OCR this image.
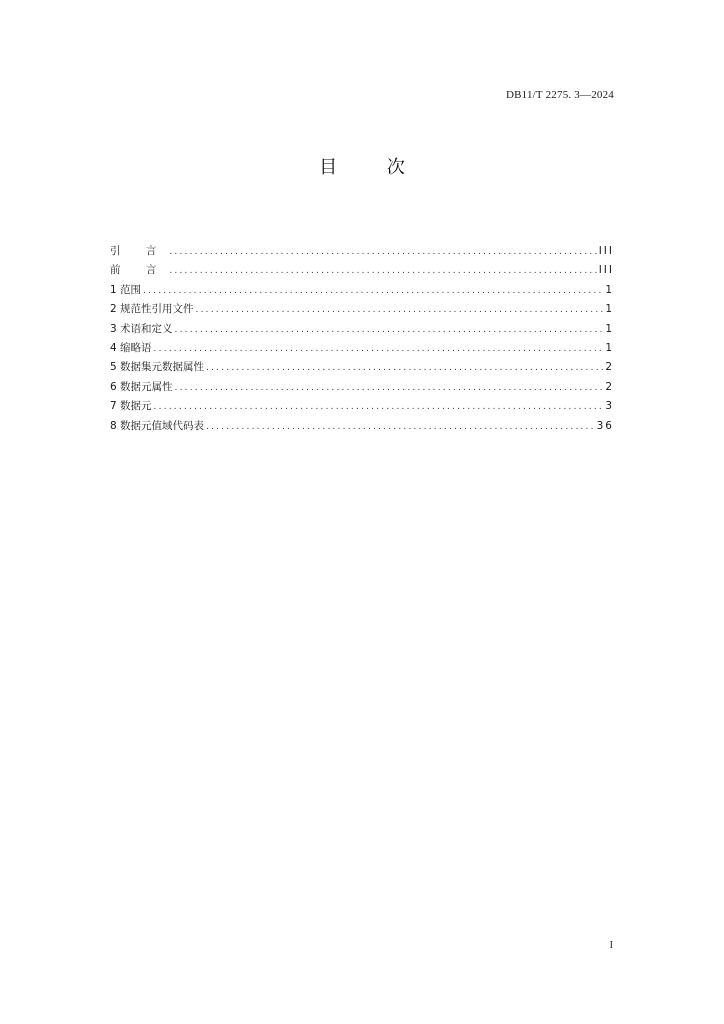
DB11/T 2275. 3—2024
目 次
引 言 .....	III
前 言 .....	III
1 范围 .....	1
2 规范性引用文件 .....	1
3 术语和定义 .....	1
4 缩略语 .....	1
5 数据集元数据属性 .....	2
6 数据元属性 .....	2
7 数据元 .....	3
8 数据元值域代码表 .....	36
I
